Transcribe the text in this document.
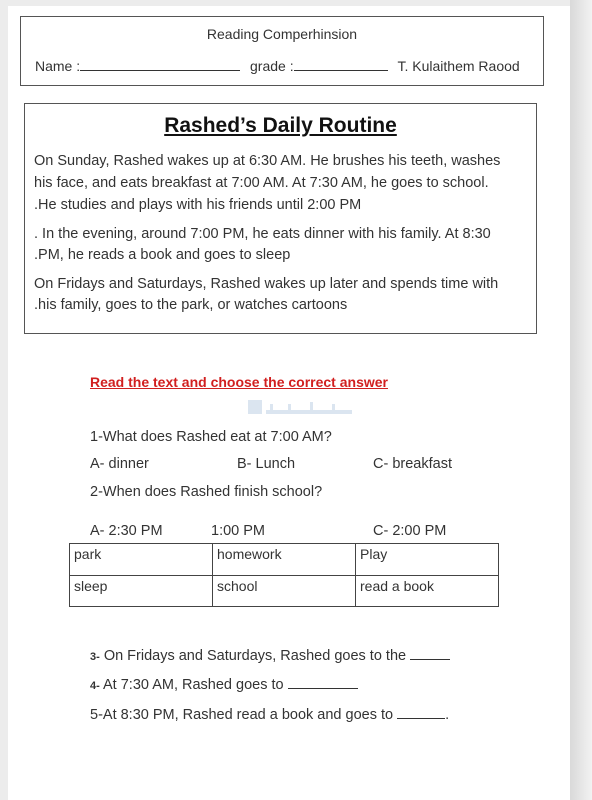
Reading Comperhinsion
Name :	grade :	T. Kulaithem Raood
Rashed’s Daily Routine
On Sunday, Rashed wakes up at 6:30 AM. He brushes his teeth, washes
his face, and eats breakfast at 7:00 AM. At 7:30 AM, he goes to school.
.He studies and plays with his friends until 2:00 PM
. In the evening, around 7:00 PM, he eats dinner with his family. At 8:30
.PM, he reads a book and goes to sleep
On Fridays and Saturdays, Rashed wakes up later and spends time with
.his family, goes to the park, or watches cartoons
Read the text and choose the correct answer
1-What does Rashed eat at 7:00 AM?
A- dinner	B- Lunch	C- breakfast
2-When does Rashed finish school?
A- 2:30 PM	1:00 PM	C- 2:00 PM
park	homework	Play
sleep	school	read a book
3- On Fridays and Saturdays, Rashed goes to the
4- At 7:30 AM, Rashed goes to
5-At 8:30 PM, Rashed read a book and goes to	.
